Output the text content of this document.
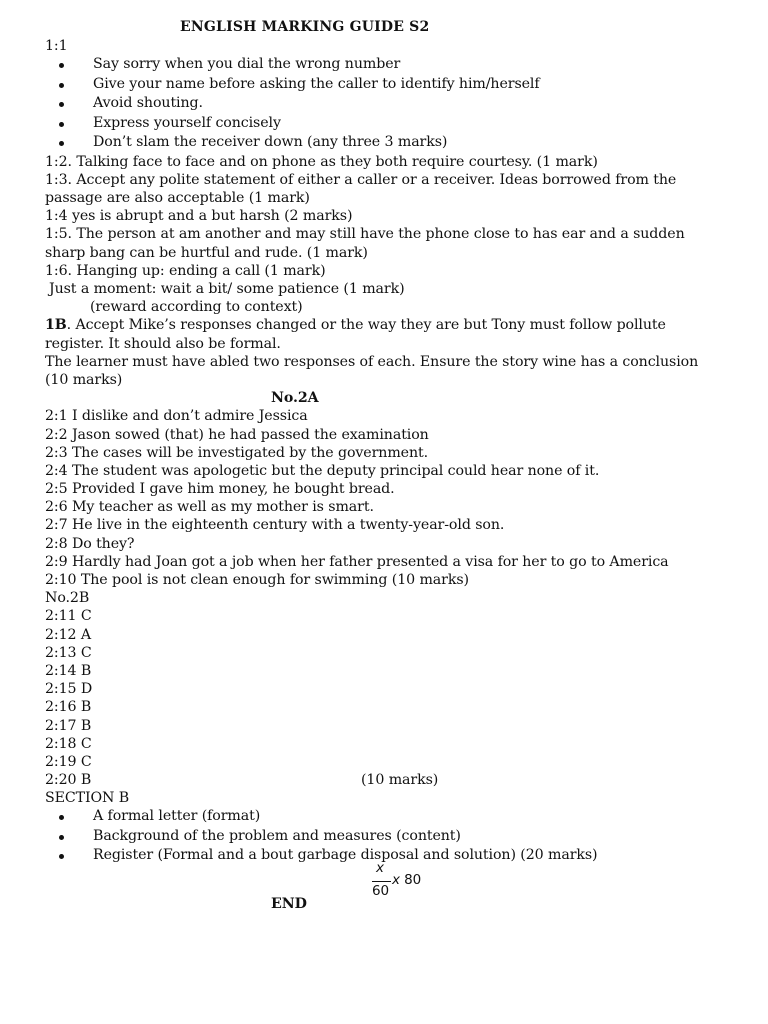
ENGLISH MARKING GUIDE S2
1:1
Say sorry when you dial the wrong number
Give your name before asking the caller to identify him/herself
Avoid shouting.
Express yourself concisely
Don’t slam the receiver down (any three 3 marks)
1:2. Talking face to face and on phone as they both require courtesy. (1 mark)
1:3. Accept any polite statement of either a caller or a receiver. Ideas borrowed from the
passage are also acceptable (1 mark)
1:4 yes is abrupt and a but harsh (2 marks)
1:5. The person at am another and may still have the phone close to has ear and a sudden
sharp bang can be hurtful and rude. (1 mark)
1:6. Hanging up: ending a call (1 mark)
Just a moment: wait a bit/ some patience (1 mark)
(reward according to context)
1B. Accept Mike’s responses changed or the way they are but Tony must follow pollute
register. It should also be formal.
The learner must have abled two responses of each. Ensure the story wine has a conclusion
(10 marks)
No.2A
2:1 I dislike and don’t admire Jessica
2:2 Jason sowed (that) he had passed the examination
2:3 The cases will be investigated by the government.
2:4 The student was apologetic but the deputy principal could hear none of it.
2:5 Provided I gave him money, he bought bread.
2:6 My teacher as well as my mother is smart.
2:7 He live in the eighteenth century with a twenty-year-old son.
2:8 Do they?
2:9 Hardly had Joan got a job when her father presented a visa for her to go to America
2:10 The pool is not clean enough for swimming (10 marks)
No.2B
2:11 C
2:12 A
2:13 C
2:14 B
2:15 D
2:16 B
2:17 B
2:18 C
2:19 C
2:20 B	(10 marks)
SECTION B
A formal letter (format)
Background of the problem and measures (content)
Register (Formal and a bout garbage disposal and solution) (20 marks)
x
60
x 80
END
